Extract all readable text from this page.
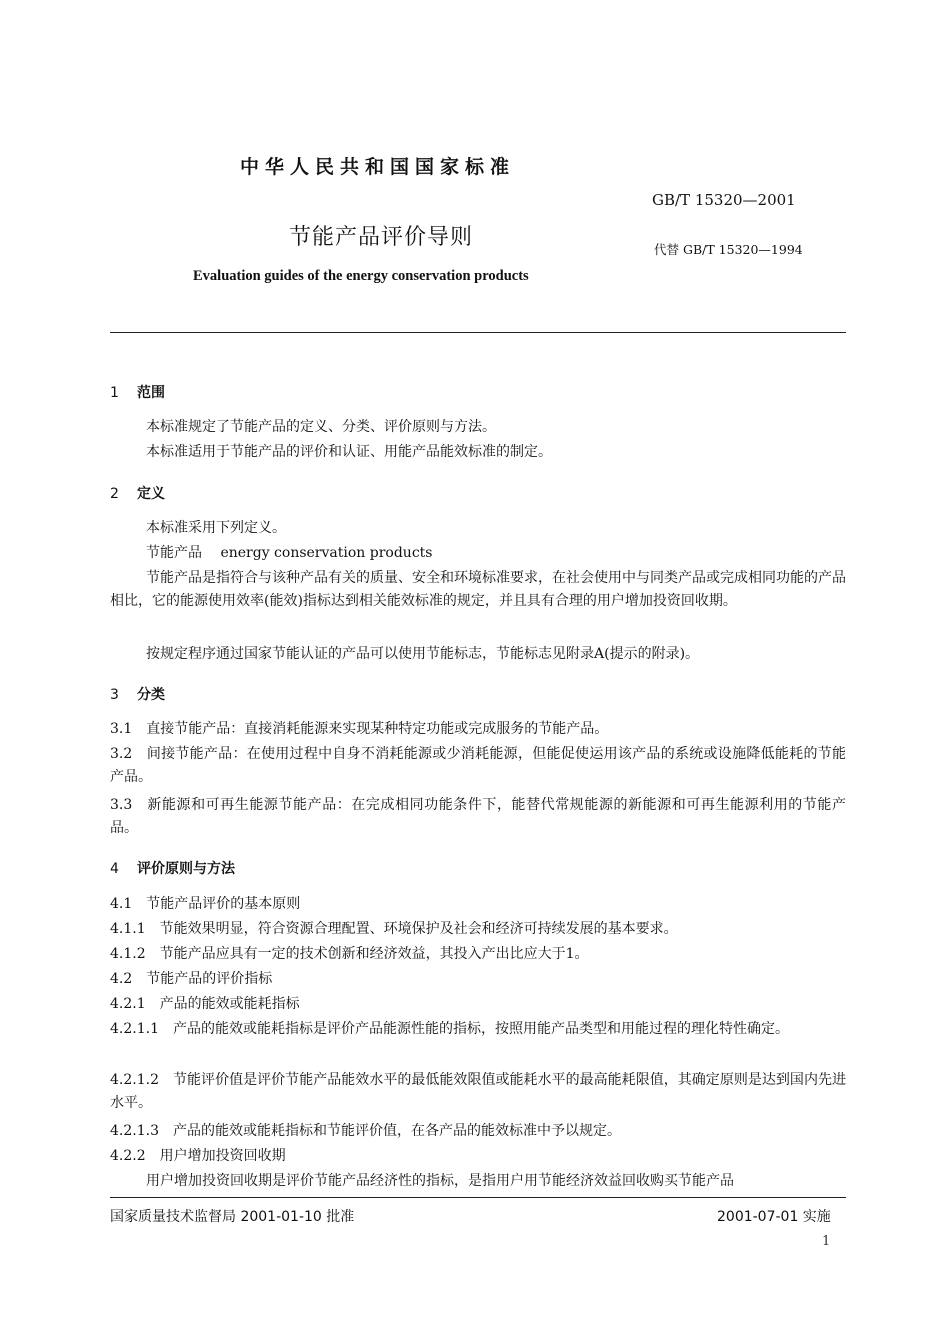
中华人民共和国国家标准
GB/T 15320—2001
节能产品评价导则	代替 GB/T 15320—1994
Evaluation guides of the energy conservation products
1 范围
本标准规定了节能产品的定义、分类、评价原则与方法。
本标准适用于节能产品的评价和认证、用能产品能效标准的制定。
2 定义
本标准采用下列定义。
节能产品　 energy conservation products
节能产品是指符合与该种产品有关的质量、安全和环境标准要求，在社会使用中与同类产品或完成相同功能的产品相比，它的能源使用效率(能效)指标达到相关能效标准的规定，并且具有合理的用户增加投资回收期。
按规定程序通过国家节能认证的产品可以使用节能标志，节能标志见附录A(提示的附录)。
3 分类
3.1　直接节能产品：直接消耗能源来实现某种特定功能或完成服务的节能产品。
3.2　间接节能产品：在使用过程中自身不消耗能源或少消耗能源，但能促使运用该产品的系统或设施降低能耗的节能产品。
3.3　新能源和可再生能源节能产品：在完成相同功能条件下，能替代常规能源的新能源和可再生能源利用的节能产品。
4 评价原则与方法
4.1　节能产品评价的基本原则
4.1.1　节能效果明显，符合资源合理配置、环境保护及社会和经济可持续发展的基本要求。
4.1.2　节能产品应具有一定的技术创新和经济效益，其投入产出比应大于1。
4.2　节能产品的评价指标
4.2.1　产品的能效或能耗指标
4.2.1.1　产品的能效或能耗指标是评价产品能源性能的指标，按照用能产品类型和用能过程的理化特性确定。
4.2.1.2　节能评价值是评价节能产品能效水平的最低能效限值或能耗水平的最高能耗限值，其确定原则是达到国内先进水平。
4.2.1.3　产品的能效或能耗指标和节能评价值，在各产品的能效标准中予以规定。
4.2.2　用户增加投资回收期
用户增加投资回收期是评价节能产品经济性的指标，是指用户用节能经济效益回收购买节能产品
国家质量技术监督局 2001-01-10 批准	2001-07-01 实施
1
